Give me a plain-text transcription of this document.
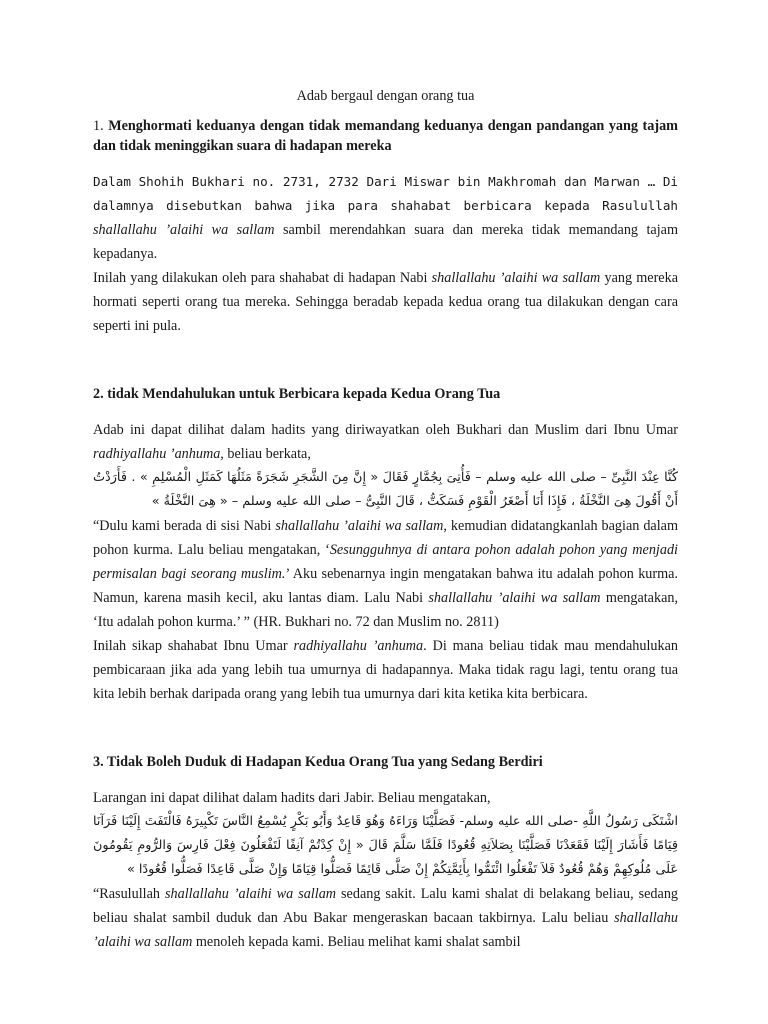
Adab bergaul dengan orang tua

1. Menghormati keduanya dengan tidak memandang keduanya dengan pandangan yang tajam dan tidak meninggikan suara di hadapan mereka

Dalam Shohih Bukhari no. 2731, 2732 Dari Miswar bin Makhromah dan Marwan … Di dalamnya disebutkan bahwa jika para shahabat berbicara kepada Rasulullah shallallahu ’alaihi wa sallam sambil merendahkan suara dan mereka tidak memandang tajam kepadanya.

Inilah yang dilakukan oleh para shahabat di hadapan Nabi shallallahu ’alaihi wa sallam yang mereka hormati seperti orang tua mereka. Sehingga beradab kepada kedua orang tua dilakukan dengan cara seperti ini pula.

2. tidak Mendahulukan untuk Berbicara kepada Kedua Orang Tua

Adab ini dapat dilihat dalam hadits yang diriwayatkan oleh Bukhari dan Muslim dari Ibnu Umar radhiyallahu ’anhuma, beliau berkata,

كُنَّا عِنْدَ النَّبِىِّ – صلى الله عليه وسلم – فَأُتِىَ بِجُمَّارٍ فَقَالَ « إِنَّ مِنَ الشَّجَرِ شَجَرَةً مَثَلُهَا كَمَثَلِ الْمُسْلِمِ » . فَأَرَدْتُ أَنْ أَقُولَ هِىَ النَّخْلَةُ ، فَإِذَا أَنَا أَصْغَرُ الْقَوْمِ فَسَكَتُّ ، قَالَ النَّبِىُّ – صلى الله عليه وسلم – « هِىَ النَّخْلَةُ »

“Dulu kami berada di sisi Nabi shallallahu ’alaihi wa sallam, kemudian didatangkanlah bagian dalam pohon kurma. Lalu beliau mengatakan, ‘Sesungguhnya di antara pohon adalah pohon yang menjadi permisalan bagi seorang muslim.’ Aku sebenarnya ingin mengatakan bahwa itu adalah pohon kurma. Namun, karena masih kecil, aku lantas diam. Lalu Nabi shallallahu ’alaihi wa sallam mengatakan, ‘Itu adalah pohon kurma.’ ” (HR. Bukhari no. 72 dan Muslim no. 2811)

Inilah sikap shahabat Ibnu Umar radhiyallahu ’anhuma. Di mana beliau tidak mau mendahulukan pembicaraan jika ada yang lebih tua umurnya di hadapannya. Maka tidak ragu lagi, tentu orang tua kita lebih berhak daripada orang yang lebih tua umurnya dari kita ketika kita berbicara.

3. Tidak Boleh Duduk di Hadapan Kedua Orang Tua yang Sedang Berdiri

Larangan ini dapat dilihat dalam hadits dari Jabir. Beliau mengatakan,

اشْتَكَى رَسُولُ اللَّهِ -صلى الله عليه وسلم- فَصَلَّيْنَا وَرَاءَهُ وَهُوَ قَاعِدٌ وَأَبُو بَكْرٍ يُسْمِعُ النَّاسَ تَكْبِيرَهُ فَالْتَفَتَ إِلَيْنَا فَرَآنَا قِيَامًا فَأَشَارَ إِلَيْنَا فَقَعَدْنَا فَصَلَّيْنَا بِصَلاَتِهِ قُعُودًا فَلَمَّا سَلَّمَ قَالَ « إِنْ كِدْتُمْ آنِفًا لَتَفْعَلُونَ فِعْلَ فَارِسَ وَالرُّومِ يَقُومُونَ عَلَى مُلُوكِهِمْ وَهُمْ قُعُودٌ فَلاَ تَفْعَلُوا ائْتَمُّوا بِأَئِمَّتِكُمْ إِنْ صَلَّى قَائِمًا فَصَلُّوا قِيَامًا وَإِنْ صَلَّى قَاعِدًا فَصَلُّوا قُعُودًا »

“Rasulullah shallallahu ’alaihi wa sallam sedang sakit. Lalu kami shalat di belakang beliau, sedang beliau shalat sambil duduk dan Abu Bakar mengeraskan bacaan takbirnya. Lalu beliau shallallahu ’alaihi wa sallam menoleh kepada kami. Beliau melihat kami shalat sambil
